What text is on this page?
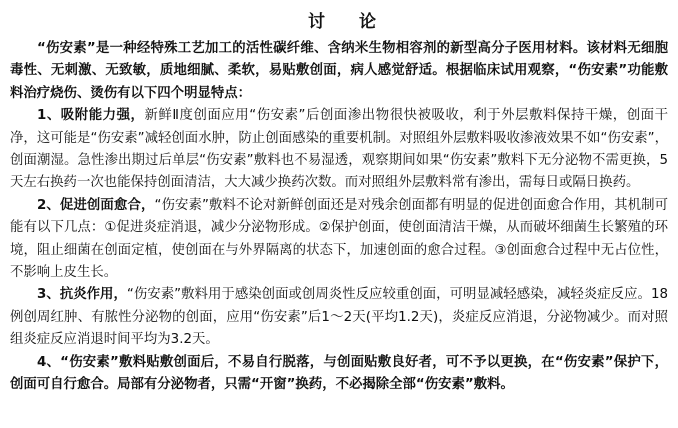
讨 论

“伤安素”是一种经特殊工艺加工的活性碳纤维、含纳米生物相容剂的新型高分子医用材料。该材料无细胞毒性、无刺激、无致敏，质地细腻、柔软，易贴敷创面，病人感觉舒适。根据临床试用观察，“伤安素”功能敷料治疗烧伤、烫伤有以下四个明显特点：

1、吸附能力强，新鲜Ⅱ度创面应用“伤安素”后创面渗出物很快被吸收，利于外层敷料保持干燥，创面干净，这可能是“伤安素”减轻创面水肿，防止创面感染的重要机制。对照组外层敷料吸收渗液效果不如“伤安素”，创面潮湿。急性渗出期过后单层“伤安素”敷料也不易湿透，观察期间如果“伤安素”敷料下无分泌物不需更换，5天左右换药一次也能保持创面清洁，大大减少换药次数。而对照组外层敷料常有渗出，需每日或隔日换药。

2、促进创面愈合，“伤安素”敷料不论对新鲜创面还是对残余创面都有明显的促进创面愈合作用，其机制可能有以下几点：①促进炎症消退，减少分泌物形成。②保护创面，使创面清洁干燥，从而破坏细菌生长繁殖的环境，阻止细菌在创面定植，使创面在与外界隔离的状态下，加速创面的愈合过程。③创面愈合过程中无占位性，不影响上皮生长。

3、抗炎作用，“伤安素”敷料用于感染创面或创周炎性反应较重创面，可明显减轻感染，减轻炎症反应。18例创周红肿、有脓性分泌物的创面，应用“伤安素”后1～2天(平均1.2天)，炎症反应消退，分泌物减少。而对照组炎症反应消退时间平均为3.2天。

4、“伤安素”敷料贴敷创面后，不易自行脱落，与创面贴敷良好者，可不予以更换，在“伤安素”保护下，创面可自行愈合。局部有分泌物者，只需“开窗”换药，不必揭除全部“伤安素”敷料。
